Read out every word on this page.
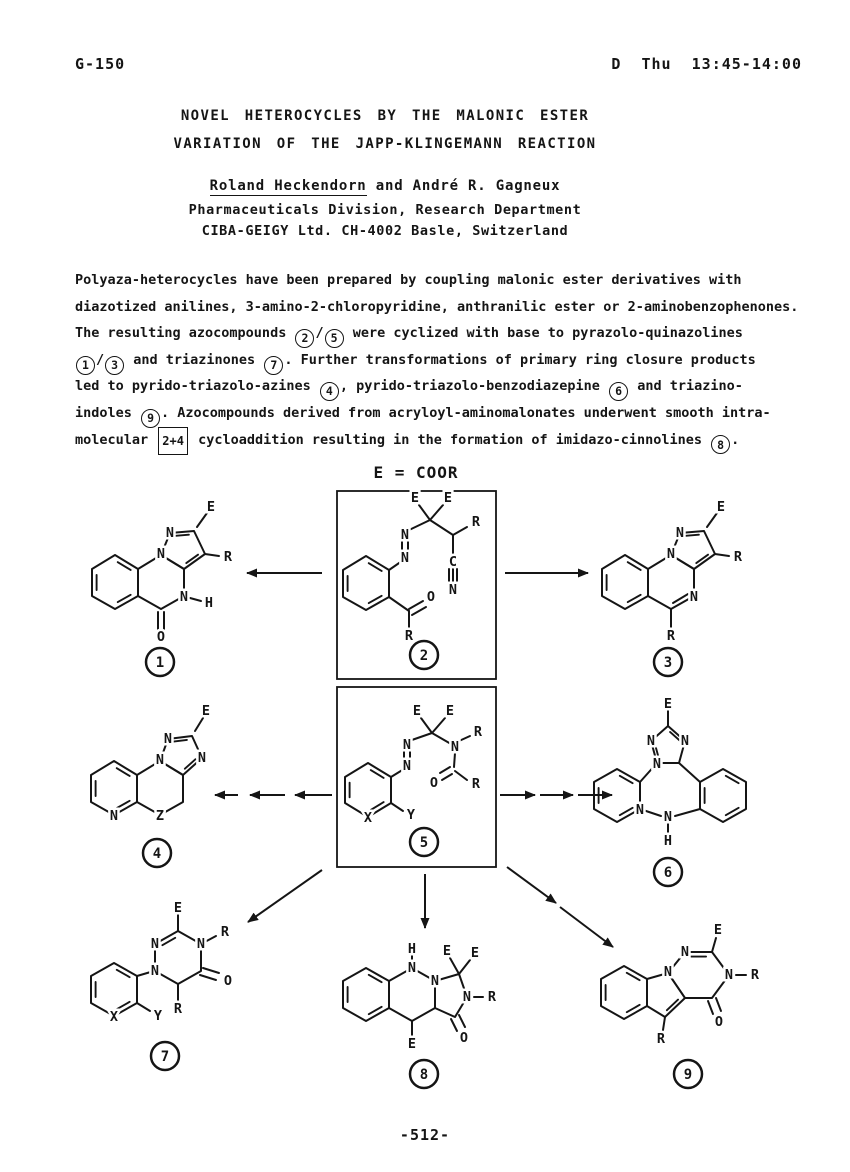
G-150	D  Thu  13:45-14:00
NOVEL HETEROCYCLES BY THE MALONIC ESTER
VARIATION OF THE JAPP-KLINGEMANN REACTION
Roland Heckendorn and André R. Gagneux
Pharmaceuticals Division, Research Department
CIBA-GEIGY Ltd. CH-4002 Basle, Switzerland
Polyaza-heterocycles have been prepared by coupling malonic ester derivatives with
diazotized anilines, 3-amino-2-chloropyridine, anthranilic ester or 2-aminobenzophenones.
The resulting azocompounds 2 / 5 were cyclized with base to pyrazolo-quinazolines
1 / 3 and triazinones 7 . Further transformations of primary ring closure products
led to pyrido-triazolo-azines 4 , pyrido-triazolo-benzodiazepine 6 and triazino-
indoles 9 . Azocompounds derived from acryloyl-aminomalonates underwent smooth intra-
molecular 2+4 cycloaddition resulting in the formation of imidazo-cinnolines 8 .
E = COOR
N
N
E
R
N H
O
1
N
N
E E
R
C
N
O
R
2
N
N
E
R
N
R
3
N
N
N
N
E
Z
4
X	Y
N
N
E E
N
R
O	R
5
E
N N
N
N N
H
6
E
N	N
N
R
O
R
X	Y
7
H
N
N
E E
N R
O
E
8
N
N
N
E
R
O
R
9
-512-
